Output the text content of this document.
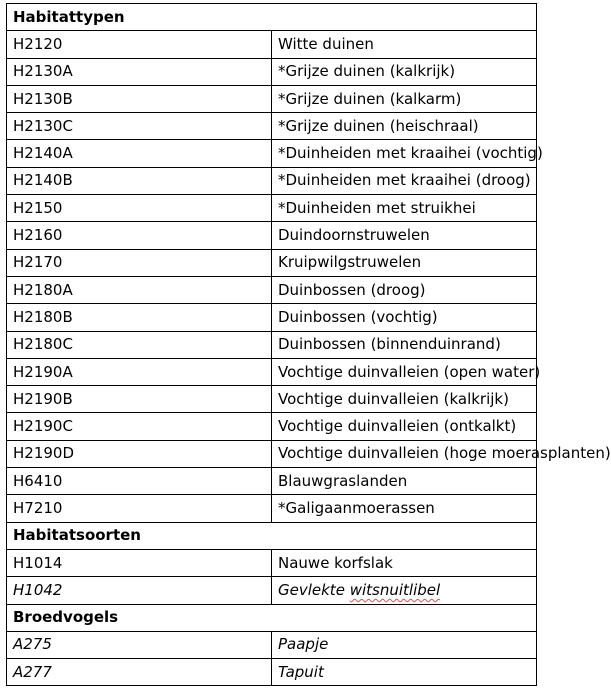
Habitattypen	
H2120	Witte duinen
H2130A	*Grijze duinen (kalkrijk)
H2130B	*Grijze duinen (kalkarm)
H2130C	*Grijze duinen (heischraal)
H2140A	*Duinheiden met kraaihei (vochtig)
H2140B	*Duinheiden met kraaihei (droog)
H2150	*Duinheiden met struikhei
H2160	Duindoornstruwelen
H2170	Kruipwilgstruwelen
H2180A	Duinbossen (droog)
H2180B	Duinbossen (vochtig)
H2180C	Duinbossen (binnenduinrand)
H2190A	Vochtige duinvalleien (open water)
H2190B	Vochtige duinvalleien (kalkrijk)
H2190C	Vochtige duinvalleien (ontkalkt)
H2190D	Vochtige duinvalleien (hoge moerasplanten)
H6410	Blauwgraslanden
H7210	*Galigaanmoerassen
Habitatsoorten	
H1014	Nauwe korfslak
H1042	Gevlekte witsnuitlibel
Broedvogels	
A275	Paapje
A277	Tapuit
